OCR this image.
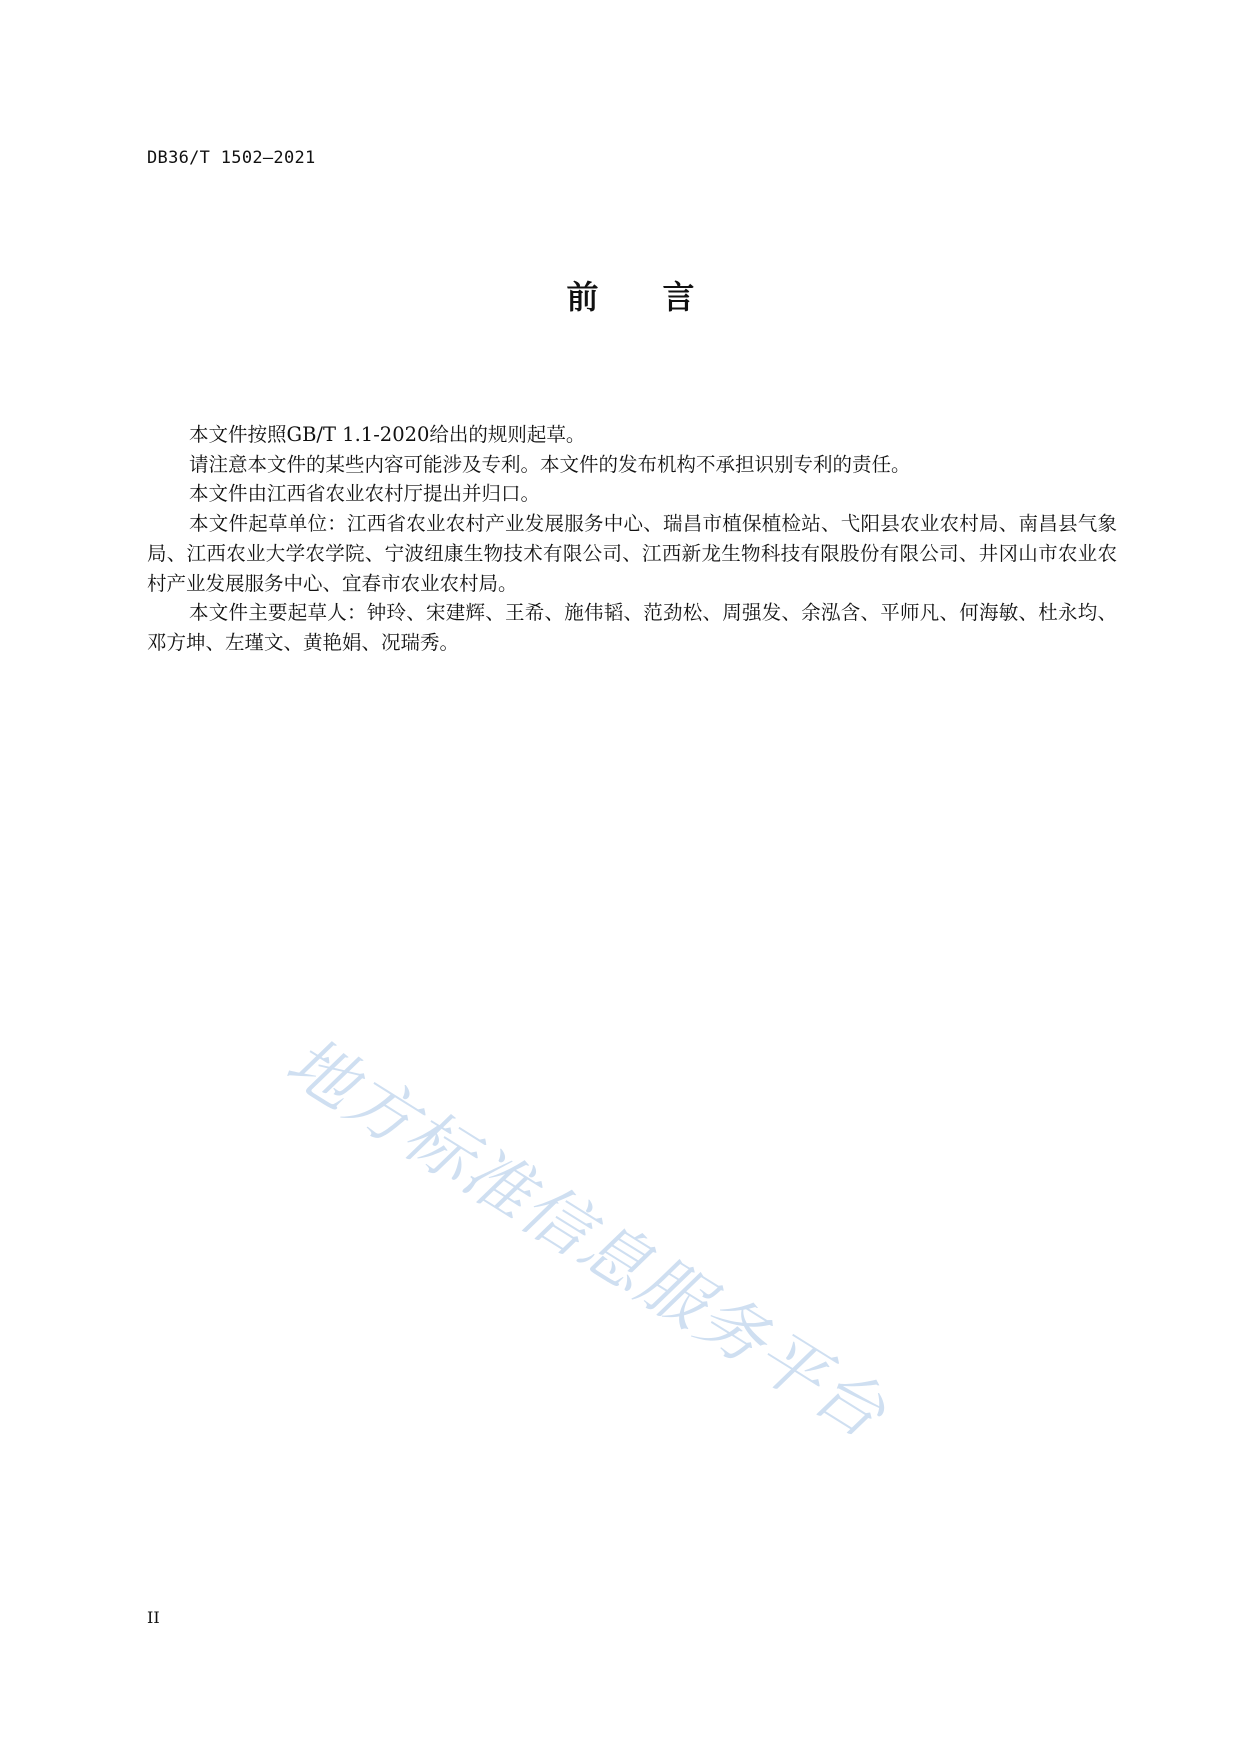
DB36/T 1502—2021
前　　言

本文件按照GB/T 1.1-2020给出的规则起草。

请注意本文件的某些内容可能涉及专利。本文件的发布机构不承担识别专利的责任。

本文件由江西省农业农村厅提出并归口。

本文件起草单位：江西省农业农村产业发展服务中心、瑞昌市植保植检站、弋阳县农业农村局、南昌县气象局、江西农业大学农学院、宁波纽康生物技术有限公司、江西新龙生物科技有限股份有限公司、井冈山市农业农村产业发展服务中心、宜春市农业农村局。

本文件主要起草人：钟玲、宋建辉、王希、施伟韬、范劲松、周强发、余泓含、平师凡、何海敏、杜永均、邓方坤、左瑾文、黄艳娟、况瑞秀。

地方标准信息服务平台
II
